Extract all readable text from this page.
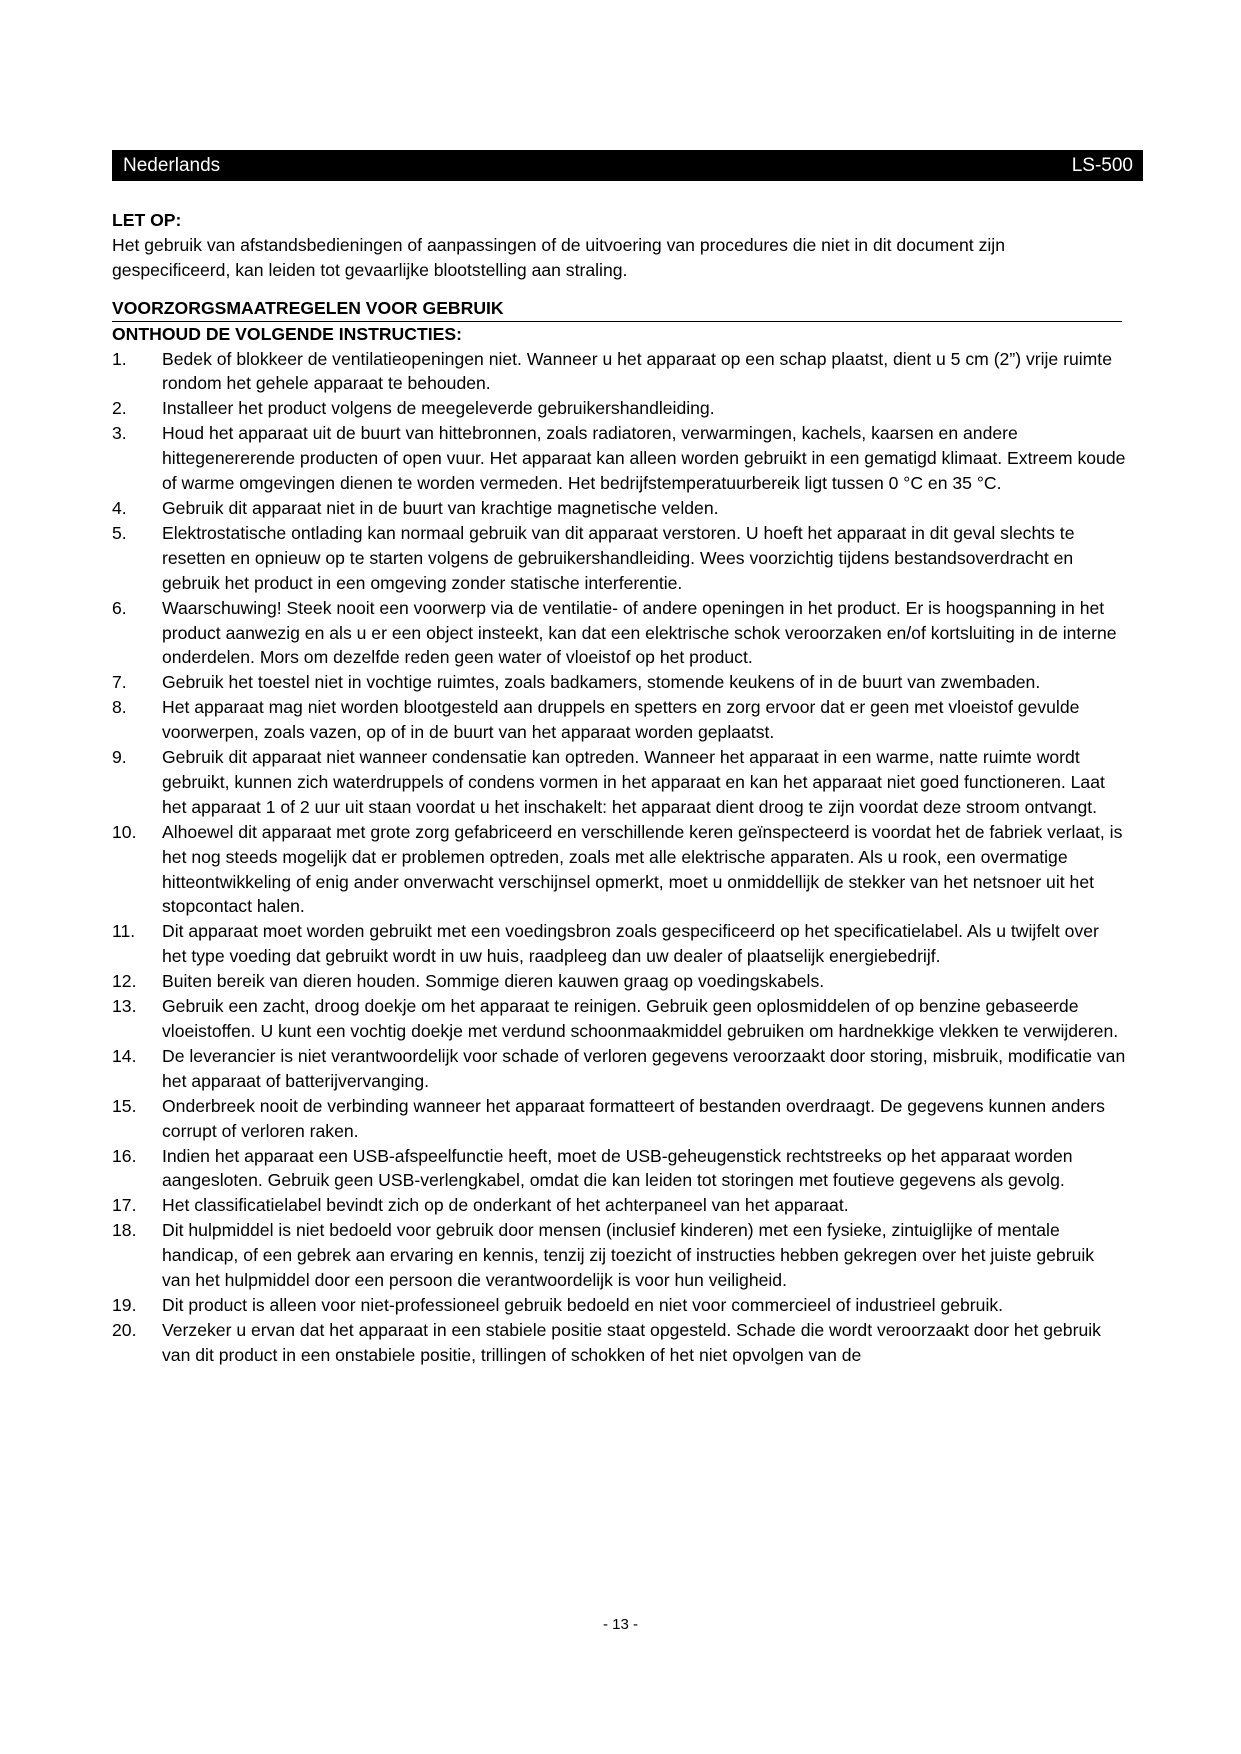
Nederlands	LS-500

LET OP:

Het gebruik van afstandsbedieningen of aanpassingen of de uitvoering van procedures die niet in dit document zijn gespecificeerd, kan leiden tot gevaarlijke blootstelling aan straling.

VOORZORGSMAATREGELEN VOOR GEBRUIK

ONTHOUD DE VOLGENDE INSTRUCTIES:

1.	Bedek of blokkeer de ventilatieopeningen niet. Wanneer u het apparaat op een schap plaatst, dient u 5 cm (2”) vrije ruimte rondom het gehele apparaat te behouden.
2.	Installeer het product volgens de meegeleverde gebruikershandleiding.
3.	Houd het apparaat uit de buurt van hittebronnen, zoals radiatoren, verwarmingen, kachels, kaarsen en andere hittegenererende producten of open vuur. Het apparaat kan alleen worden gebruikt in een gematigd klimaat. Extreem koude of warme omgevingen dienen te worden vermeden. Het bedrijfstemperatuurbereik ligt tussen 0 °C en 35 °C.
4.	Gebruik dit apparaat niet in de buurt van krachtige magnetische velden.
5.	Elektrostatische ontlading kan normaal gebruik van dit apparaat verstoren. U hoeft het apparaat in dit geval slechts te resetten en opnieuw op te starten volgens de gebruikershandleiding. Wees voorzichtig tijdens bestandsoverdracht en gebruik het product in een omgeving zonder statische interferentie.
6.	Waarschuwing! Steek nooit een voorwerp via de ventilatie- of andere openingen in het product. Er is hoogspanning in het product aanwezig en als u er een object insteekt, kan dat een elektrische schok veroorzaken en/of kortsluiting in de interne onderdelen. Mors om dezelfde reden geen water of vloeistof op het product.
7.	Gebruik het toestel niet in vochtige ruimtes, zoals badkamers, stomende keukens of in de buurt van zwembaden.
8.	Het apparaat mag niet worden blootgesteld aan druppels en spetters en zorg ervoor dat er geen met vloeistof gevulde voorwerpen, zoals vazen, op of in de buurt van het apparaat worden geplaatst.
9.	Gebruik dit apparaat niet wanneer condensatie kan optreden. Wanneer het apparaat in een warme, natte ruimte wordt gebruikt, kunnen zich waterdruppels of condens vormen in het apparaat en kan het apparaat niet goed functioneren. Laat het apparaat 1 of 2 uur uit staan voordat u het inschakelt: het apparaat dient droog te zijn voordat deze stroom ontvangt.
10.	Alhoewel dit apparaat met grote zorg gefabriceerd en verschillende keren geïnspecteerd is voordat het de fabriek verlaat, is het nog steeds mogelijk dat er problemen optreden, zoals met alle elektrische apparaten. Als u rook, een overmatige hitteontwikkeling of enig ander onverwacht verschijnsel opmerkt, moet u onmiddellijk de stekker van het netsnoer uit het stopcontact halen.
11.	Dit apparaat moet worden gebruikt met een voedingsbron zoals gespecificeerd op het specificatielabel. Als u twijfelt over het type voeding dat gebruikt wordt in uw huis, raadpleeg dan uw dealer of plaatselijk energiebedrijf.
12.	Buiten bereik van dieren houden. Sommige dieren kauwen graag op voedingskabels.
13.	Gebruik een zacht, droog doekje om het apparaat te reinigen. Gebruik geen oplosmiddelen of op benzine gebaseerde vloeistoffen. U kunt een vochtig doekje met verdund schoonmaakmiddel gebruiken om hardnekkige vlekken te verwijderen.
14.	De leverancier is niet verantwoordelijk voor schade of verloren gegevens veroorzaakt door storing, misbruik, modificatie van het apparaat of batterijvervanging.
15.	Onderbreek nooit de verbinding wanneer het apparaat formatteert of bestanden overdraagt. De gegevens kunnen anders corrupt of verloren raken.
16.	Indien het apparaat een USB-afspeelfunctie heeft, moet de USB-geheugenstick rechtstreeks op het apparaat worden aangesloten. Gebruik geen USB-verlengkabel, omdat die kan leiden tot storingen met foutieve gegevens als gevolg.
17.	Het classificatielabel bevindt zich op de onderkant of het achterpaneel van het apparaat.
18.	Dit hulpmiddel is niet bedoeld voor gebruik door mensen (inclusief kinderen) met een fysieke, zintuiglijke of mentale handicap, of een gebrek aan ervaring en kennis, tenzij zij toezicht of instructies hebben gekregen over het juiste gebruik van het hulpmiddel door een persoon die verantwoordelijk is voor hun veiligheid.
19.	Dit product is alleen voor niet-professioneel gebruik bedoeld en niet voor commercieel of industrieel gebruik.
20.	Verzeker u ervan dat het apparaat in een stabiele positie staat opgesteld. Schade die wordt veroorzaakt door het gebruik van dit product in een onstabiele positie, trillingen of schokken of het niet opvolgen van de
- 13 -
